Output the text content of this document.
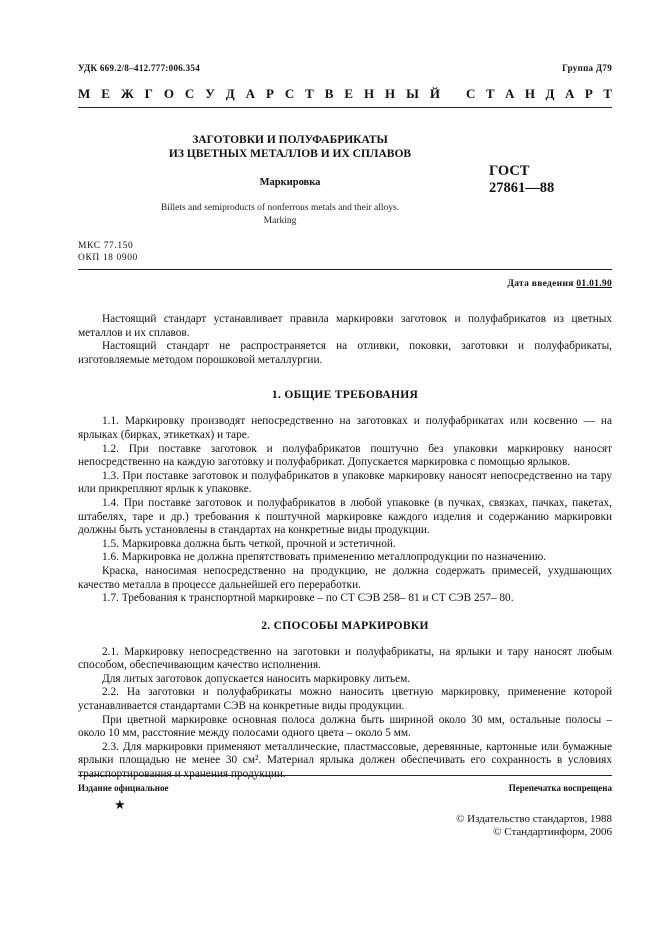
УДК 669.2/8–412.777:006.354	Группа Д79
М Е Ж Г О С У Д А Р С Т В Е Н Н Ы Й С Т А Н Д А Р Т
ЗАГОТОВКИ И ПОЛУФАБРИКАТЫ
ИЗ ЦВЕТНЫХ МЕТАЛЛОВ И ИХ СПЛАВОВ
Маркировка
ГОСТ
27861—88
Billets and semiproducts of nonferrous metals and their alloys.
Marking
МКС 77.150
ОКП 18 0900
Дата введения 01.01.90

Настоящий стандарт устанавливает правила маркировки заготовок и полуфабрикатов из цветных металлов и их сплавов.

Настоящий стандарт не распространяется на отливки, поковки, заготовки и полуфабрикаты, изготовляемые методом порошковой металлургии.

1. ОБЩИЕ ТРЕБОВАНИЯ

1.1. Маркировку производят непосредственно на заготовках и полуфабрикатах или косвенно — на ярлыках (бирках, этикетках) и таре.

1.2. При поставке заготовок и полуфабрикатов поштучно без упаковки маркировку наносят непосредственно на каждую заготовку и полуфабрикат. Допускается маркировка с помощью ярлыков.

1.3. При поставке заготовок и полуфабрикатов в упаковке маркировку наносят непосредственно на тару или прикрепляют ярлык к упаковке.

1.4. При поставке заготовок и полуфабрикатов в любой упаковке (в пучках, связках, пачках, пакетах, штабелях, таре и др.) требования к поштучной маркировке каждого изделия и содержанию маркировки должны быть установлены в стандартах на конкретные виды продукции.

1.5. Маркировка должна быть четкой, прочной и эстетичной.

1.6. Маркировка не должна препятствовать применению металлопродукции по назначению.

Краска, наносимая непосредственно на продукцию, не должна содержать примесей, ухудшающих качество металла в процессе дальнейшей его переработки.

1.7. Требования к транспортной маркировке – по СТ СЭВ 258– 81 и СТ СЭВ 257– 80.

2. СПОСОБЫ МАРКИРОВКИ

2.1. Маркировку непосредственно на заготовки и полуфабрикаты, на ярлыки и тару наносят любым способом, обеспечивающим качество исполнения.

Для литых заготовок допускается наносить маркировку литьем.

2.2. На заготовки и полуфабрикаты можно наносить цветную маркировку, применение которой устанавливается стандартами СЭВ на конкретные виды продукции.

При цветной маркировке основная полоса должна быть шириной около 30 мм, остальные полосы – около 10 мм, расстояние между полосами одного цвета – около 5 мм.

2.3. Для маркировки применяют металлические, пластмассовые, деревянные, картонные или бумажные ярлыки площадью не менее 30 см². Материал ярлыка должен обеспечивать его сохранность в условиях

Издание официальное	Перепечатка воспрещена
★
© Издательство стандартов, 1988
© Стандартинформ, 2006
